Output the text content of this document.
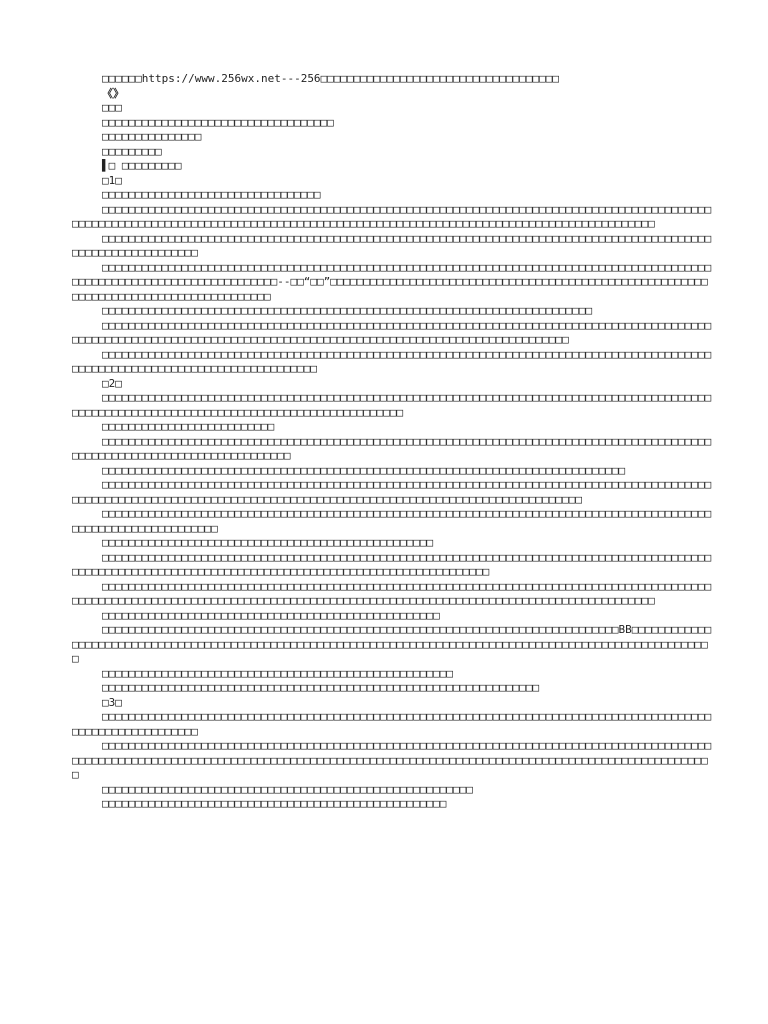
□□□□□□https://www.256wx.net---256□□□□□□□□□□□□□□□□□□□□□□□□□□□□□□□□□□□□
《》
□□□
□□□□□□□□□□□□□□□□□□□□□□□□□□□□□□□□□□□
□□□□□□□□□□□□□□□
□□□□□□□□□
▌□ □□□□□□□□□
□1□
□□□□□□□□□□□□□□□□□□□□□□□□□□□□□□□□□
□□□□□□□□□□□□□□□□□□□□□□□□□□□□□□□□□□□□□□□□□□□□□□□□□□□□□□□□□□□□□□□□□□□□□□□□□□□□□□□□□□□□□□□□□□□□□□□□□□□□□□□□□□□□□□□□□□□□□□□□□□□□□□□□□□□□□□□□□□□□□□□□□□□□□□□□□□□□□□□□□□□□□□□□□□□□□□□□□□□□
□□□□□□□□□□□□□□□□□□□□□□□□□□□□□□□□□□□□□□□□□□□□□□□□□□□□□□□□□□□□□□□□□□□□□□□□□□□□□□□□□□□□□□□□□□□□□□□□□□□□□□□□□□□□□□□
□□□□□□□□□□□□□□□□□□□□□□□□□□□□□□□□□□□□□□□□□□□□□□□□□□□□□□□□□□□□□□□□□□□□□□□□□□□□□□□□□□□□□□□□□□□□□□□□□□□□□□□□□□□□□□□□□□□□□□□□□□□--□□“□□”□□□□□□□□□□□□□□□□□□□□□□□□□□□□□□□□□□□□□□□□□□□□□□□□□□□□□□□□□□□□□□□□□□□□□□□□□□□□□□□□□□□□□□□
□□□□□□□□□□□□□□□□□□□□□□□□□□□□□□□□□□□□□□□□□□□□□□□□□□□□□□□□□□□□□□□□□□□□□□□□□□
□□□□□□□□□□□□□□□□□□□□□□□□□□□□□□□□□□□□□□□□□□□□□□□□□□□□□□□□□□□□□□□□□□□□□□□□□□□□□□□□□□□□□□□□□□□□□□□□□□□□□□□□□□□□□□□□□□□□□□□□□□□□□□□□□□□□□□□□□□□□□□□□□□□□□□□□□□□□□□□□□□□□□□□
□□□□□□□□□□□□□□□□□□□□□□□□□□□□□□□□□□□□□□□□□□□□□□□□□□□□□□□□□□□□□□□□□□□□□□□□□□□□□□□□□□□□□□□□□□□□□□□□□□□□□□□□□□□□□□□□□□□□□□□□□□□□□□□□□
□2□
□□□□□□□□□□□□□□□□□□□□□□□□□□□□□□□□□□□□□□□□□□□□□□□□□□□□□□□□□□□□□□□□□□□□□□□□□□□□□□□□□□□□□□□□□□□□□□□□□□□□□□□□□□□□□□□□□□□□□□□□□□□□□□□□□□□□□□□□□□□□□□
□□□□□□□□□□□□□□□□□□□□□□□□□□
□□□□□□□□□□□□□□□□□□□□□□□□□□□□□□□□□□□□□□□□□□□□□□□□□□□□□□□□□□□□□□□□□□□□□□□□□□□□□□□□□□□□□□□□□□□□□□□□□□□□□□□□□□□□□□□□□□□□□□□□□□□□□
□□□□□□□□□□□□□□□□□□□□□□□□□□□□□□□□□□□□□□□□□□□□□□□□□□□□□□□□□□□□□□□□□□□□□□□□□□□□□□□
□□□□□□□□□□□□□□□□□□□□□□□□□□□□□□□□□□□□□□□□□□□□□□□□□□□□□□□□□□□□□□□□□□□□□□□□□□□□□□□□□□□□□□□□□□□□□□□□□□□□□□□□□□□□□□□□□□□□□□□□□□□□□□□□□□□□□□□□□□□□□□□□□□□□□□□□□□□□□□□□□□□□□□□□□
□□□□□□□□□□□□□□□□□□□□□□□□□□□□□□□□□□□□□□□□□□□□□□□□□□□□□□□□□□□□□□□□□□□□□□□□□□□□□□□□□□□□□□□□□□□□□□□□□□□□□□□□□□□□□□□□□□
□□□□□□□□□□□□□□□□□□□□□□□□□□□□□□□□□□□□□□□□□□□□□□□□□□
□□□□□□□□□□□□□□□□□□□□□□□□□□□□□□□□□□□□□□□□□□□□□□□□□□□□□□□□□□□□□□□□□□□□□□□□□□□□□□□□□□□□□□□□□□□□□□□□□□□□□□□□□□□□□□□□□□□□□□□□□□□□□□□□□□□□□□□□□□□□□□□□□□□□□□□□□□□
□□□□□□□□□□□□□□□□□□□□□□□□□□□□□□□□□□□□□□□□□□□□□□□□□□□□□□□□□□□□□□□□□□□□□□□□□□□□□□□□□□□□□□□□□□□□□□□□□□□□□□□□□□□□□□□□□□□□□□□□□□□□□□□□□□□□□□□□□□□□□□□□□□□□□□□□□□□□□□□□□□□□□□□□□□□□□□□□□□□□
□□□□□□□□□□□□□□□□□□□□□□□□□□□□□□□□□□□□□□□□□□□□□□□□□□□
□□□□□□□□□□□□□□□□□□□□□□□□□□□□□□□□□□□□□□□□□□□□□□□□□□□□□□□□□□□□□□□□□□□□□□□□□□□□□□BB□□□□□□□□□□□□□□□□□□□□□□□□□□□□□□□□□□□□□□□□□□□□□□□□□□□□□□□□□□□□□□□□□□□□□□□□□□□□□□□□□□□□□□□□□□□□□□□□□□□□□□□□□□□□□
□□□□□□□□□□□□□□□□□□□□□□□□□□□□□□□□□□□□□□□□□□□□□□□□□□□□□
□□□□□□□□□□□□□□□□□□□□□□□□□□□□□□□□□□□□□□□□□□□□□□□□□□□□□□□□□□□□□□□□□□
□3□
□□□□□□□□□□□□□□□□□□□□□□□□□□□□□□□□□□□□□□□□□□□□□□□□□□□□□□□□□□□□□□□□□□□□□□□□□□□□□□□□□□□□□□□□□□□□□□□□□□□□□□□□□□□□□□□
□□□□□□□□□□□□□□□□□□□□□□□□□□□□□□□□□□□□□□□□□□□□□□□□□□□□□□□□□□□□□□□□□□□□□□□□□□□□□□□□□□□□□□□□□□□□□□□□□□□□□□□□□□□□□□□□□□□□□□□□□□□□□□□□□□□□□□□□□□□□□□□□□□□□□□□□□□□□□□□□□□□□□□□□□□□□□□□□□□□□□□□□□□□□□
□□□□□□□□□□□□□□□□□□□□□□□□□□□□□□□□□□□□□□□□□□□□□□□□□□□□□□□□
□□□□□□□□□□□□□□□□□□□□□□□□□□□□□□□□□□□□□□□□□□□□□□□□□□□□
